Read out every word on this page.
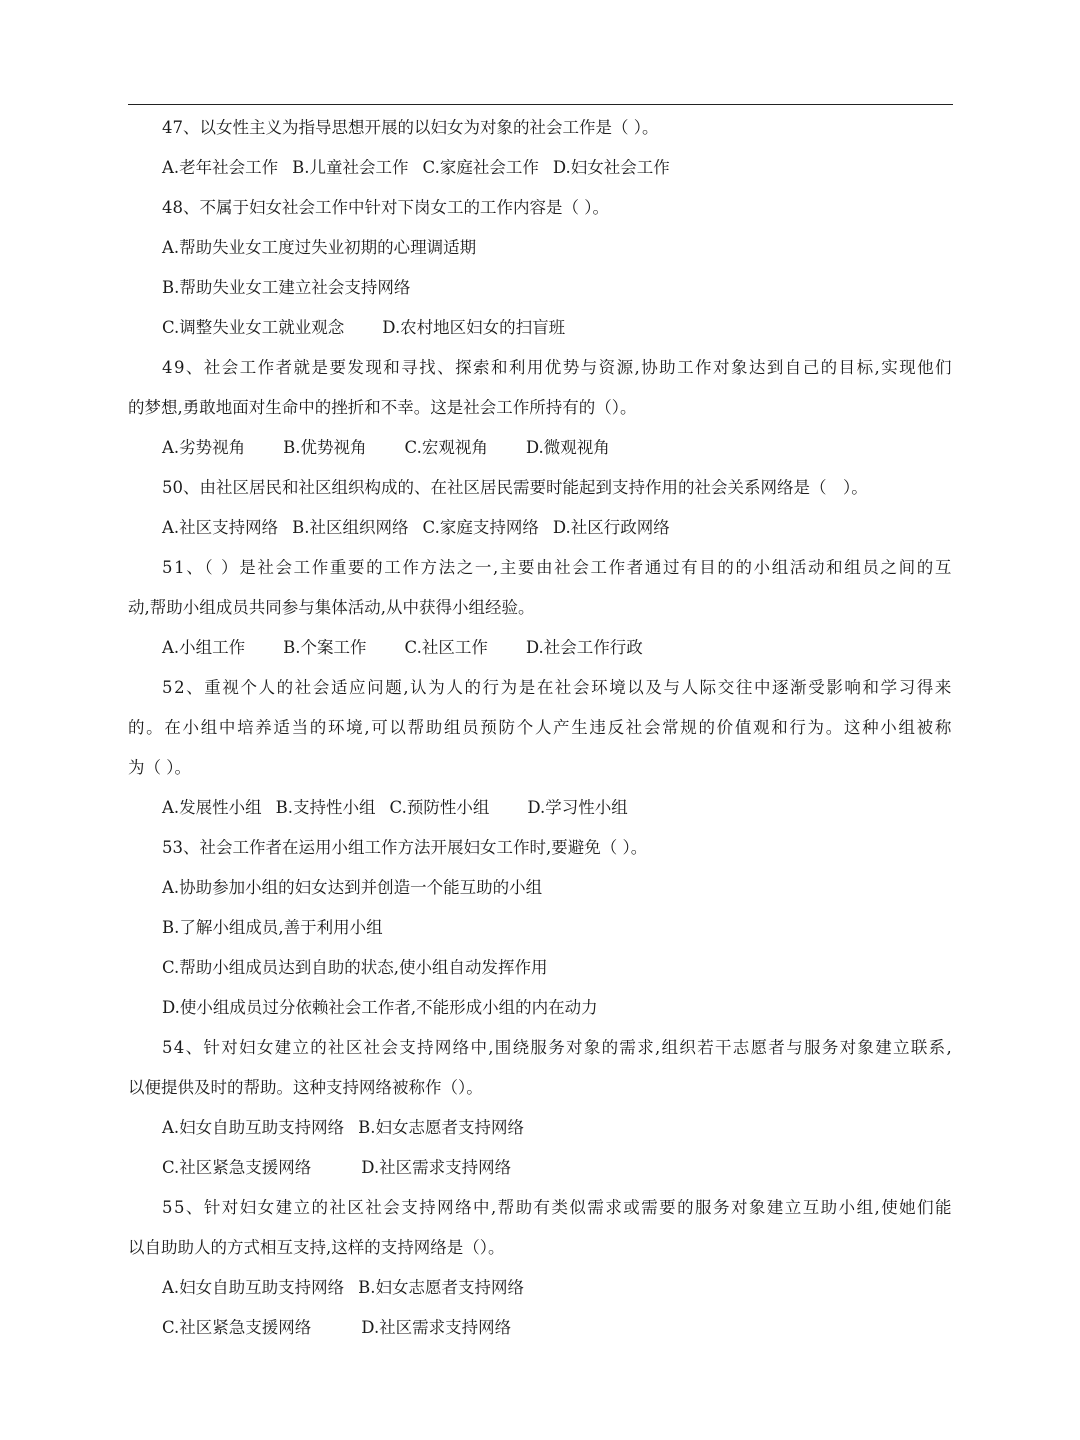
47、以女性主义为指导思想开展的以妇女为对象的社会工作是（ ）。
A.老年社会工作 B.儿童社会工作 C.家庭社会工作 D.妇女社会工作
48、不属于妇女社会工作中针对下岗女工的工作内容是（ ）。
A.帮助失业女工度过失业初期的心理调适期
B.帮助失业女工建立社会支持网络
C.调整失业女工就业观念 D.农村地区妇女的扫盲班
49、社会工作者就是要发现和寻找、探索和利用优势与资源,协助工作对象达到自己的目标,实现他们
的梦想,勇敢地面对生命中的挫折和不幸。这是社会工作所持有的（）。
A.劣势视角 B.优势视角 C.宏观视角 D.微观视角
50、由社区居民和社区组织构成的、在社区居民需要时能起到支持作用的社会关系网络是（　）。
A.社区支持网络 B.社区组织网络 C.家庭支持网络 D.社区行政网络
51、（ ）是社会工作重要的工作方法之一,主要由社会工作者通过有目的的小组活动和组员之间的互
动,帮助小组成员共同参与集体活动,从中获得小组经验。
A.小组工作 B.个案工作 C.社区工作 D.社会工作行政
52、重视个人的社会适应问题,认为人的行为是在社会环境以及与人际交往中逐渐受影响和学习得来
的。在小组中培养适当的环境,可以帮助组员预防个人产生违反社会常规的价值观和行为。这种小组被称
为（ ）。
A.发展性小组 B.支持性小组 C.预防性小组 D.学习性小组
53、社会工作者在运用小组工作方法开展妇女工作时,要避免（ ）。
A.协助参加小组的妇女达到并创造一个能互助的小组
B.了解小组成员,善于利用小组
C.帮助小组成员达到自助的状态,使小组自动发挥作用
D.使小组成员过分依赖社会工作者,不能形成小组的内在动力
54、针对妇女建立的社区社会支持网络中,围绕服务对象的需求,组织若干志愿者与服务对象建立联系,
以便提供及时的帮助。这种支持网络被称作（）。
A.妇女自助互助支持网络 B.妇女志愿者支持网络
C.社区紧急支援网络	D.社区需求支持网络
55、针对妇女建立的社区社会支持网络中,帮助有类似需求或需要的服务对象建立互助小组,使她们能
以自助助人的方式相互支持,这样的支持网络是（）。
A.妇女自助互助支持网络 B.妇女志愿者支持网络
C.社区紧急支援网络	D.社区需求支持网络
